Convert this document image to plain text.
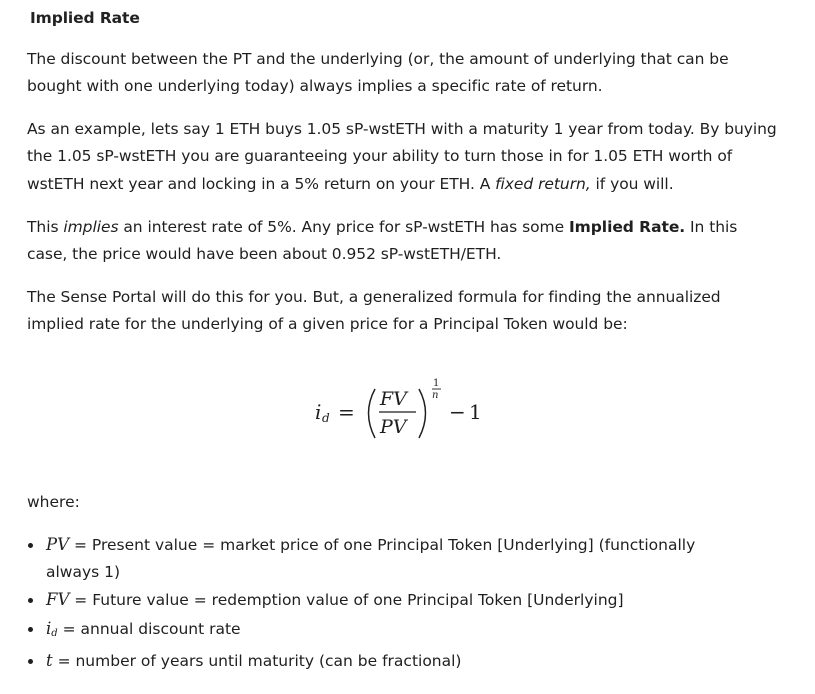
Implied Rate

The discount between the PT and the underlying (or, the amount of underlying that can be bought with one underlying today) always implies a specific rate of return.

As an example, lets say 1 ETH buys 1.05 sP-wstETH with a maturity 1 year from today. By buying the 1.05 sP-wstETH you are guaranteeing your ability to turn those in for 1.05 ETH worth of wstETH next year and locking in a 5% return on your ETH. A fixed return, if you will.

This implies an interest rate of 5%. Any price for sP-wstETH has some Implied Rate. In this case, the price would have been about 0.952 sP-wstETH/ETH.

The Sense Portal will do this for you. But, a generalized formula for finding the annualized implied rate for the underlying of a given price for a Principal Token would be:

i d =
FV
PV
1
n
− 1
where:
PV = Present value = market price of one Principal Token [Underlying] (functionally always 1)
FV = Future value = redemption value of one Principal Token [Underlying]
$i_d$ = annual discount rate
t = number of years until maturity (can be fractional)
